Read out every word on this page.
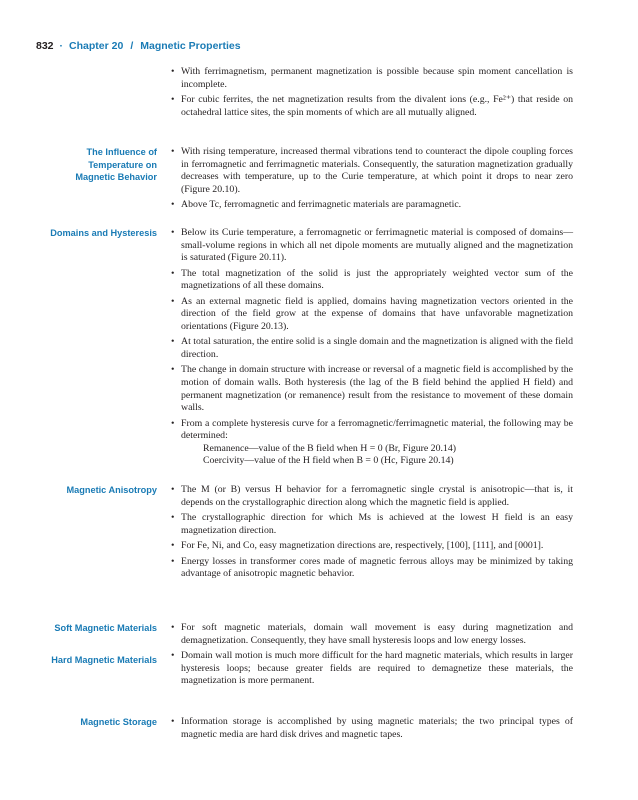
832 · Chapter 20 / Magnetic Properties
• With ferrimagnetism, permanent magnetization is possible because spin moment cancellation is incomplete.
• For cubic ferrites, the net magnetization results from the divalent ions (e.g., Fe²⁺) that reside on octahedral lattice sites, the spin moments of which are all mutually aligned.
The Influence of Temperature on Magnetic Behavior
• With rising temperature, increased thermal vibrations tend to counteract the dipole coupling forces in ferromagnetic and ferrimagnetic materials. Consequently, the saturation magnetization gradually decreases with temperature, up to the Curie temperature, at which point it drops to near zero (Figure 20.10).
• Above Tc, ferromagnetic and ferrimagnetic materials are paramagnetic.
Domains and Hysteresis	• Below its Curie temperature, a ferromagnetic or ferrimagnetic material is composed of domains—small-volume regions in which all net dipole moments are mutually aligned and the magnetization is saturated (Figure 20.11).
• The total magnetization of the solid is just the appropriately weighted vector sum of the magnetizations of all these domains.
• As an external magnetic field is applied, domains having magnetization vectors oriented in the direction of the field grow at the expense of domains that have unfavorable magnetization orientations (Figure 20.13).
• At total saturation, the entire solid is a single domain and the magnetization is aligned with the field direction.
• The change in domain structure with increase or reversal of a magnetic field is accomplished by the motion of domain walls. Both hysteresis (the lag of the B field behind the applied H field) and permanent magnetization (or remanence) result from the resistance to movement of these domain walls.
• From a complete hysteresis curve for a ferromagnetic/ferrimagnetic material, the following may be determined:
Remanence—value of the B field when H = 0 (Br, Figure 20.14)
Coercivity—value of the H field when B = 0 (Hc, Figure 20.14)
Magnetic Anisotropy	• The M (or B) versus H behavior for a ferromagnetic single crystal is anisotropic—that is, it depends on the crystallographic direction along which the magnetic field is applied.
• The crystallographic direction for which Ms is achieved at the lowest H field is an easy magnetization direction.
• For Fe, Ni, and Co, easy magnetization directions are, respectively, [100], [111], and [0001].
• Energy losses in transformer cores made of magnetic ferrous alloys may be minimized by taking advantage of anisotropic magnetic behavior.
Soft Magnetic Materials
Hard Magnetic Materials
• For soft magnetic materials, domain wall movement is easy during magnetization and demagnetization. Consequently, they have small hysteresis loops and low energy losses.
• Domain wall motion is much more difficult for the hard magnetic materials, which results in larger hysteresis loops; because greater fields are required to demagnetize these materials, the magnetization is more permanent.
Magnetic Storage	• Information storage is accomplished by using magnetic materials; the two principal types of magnetic media are hard disk drives and magnetic tapes.
